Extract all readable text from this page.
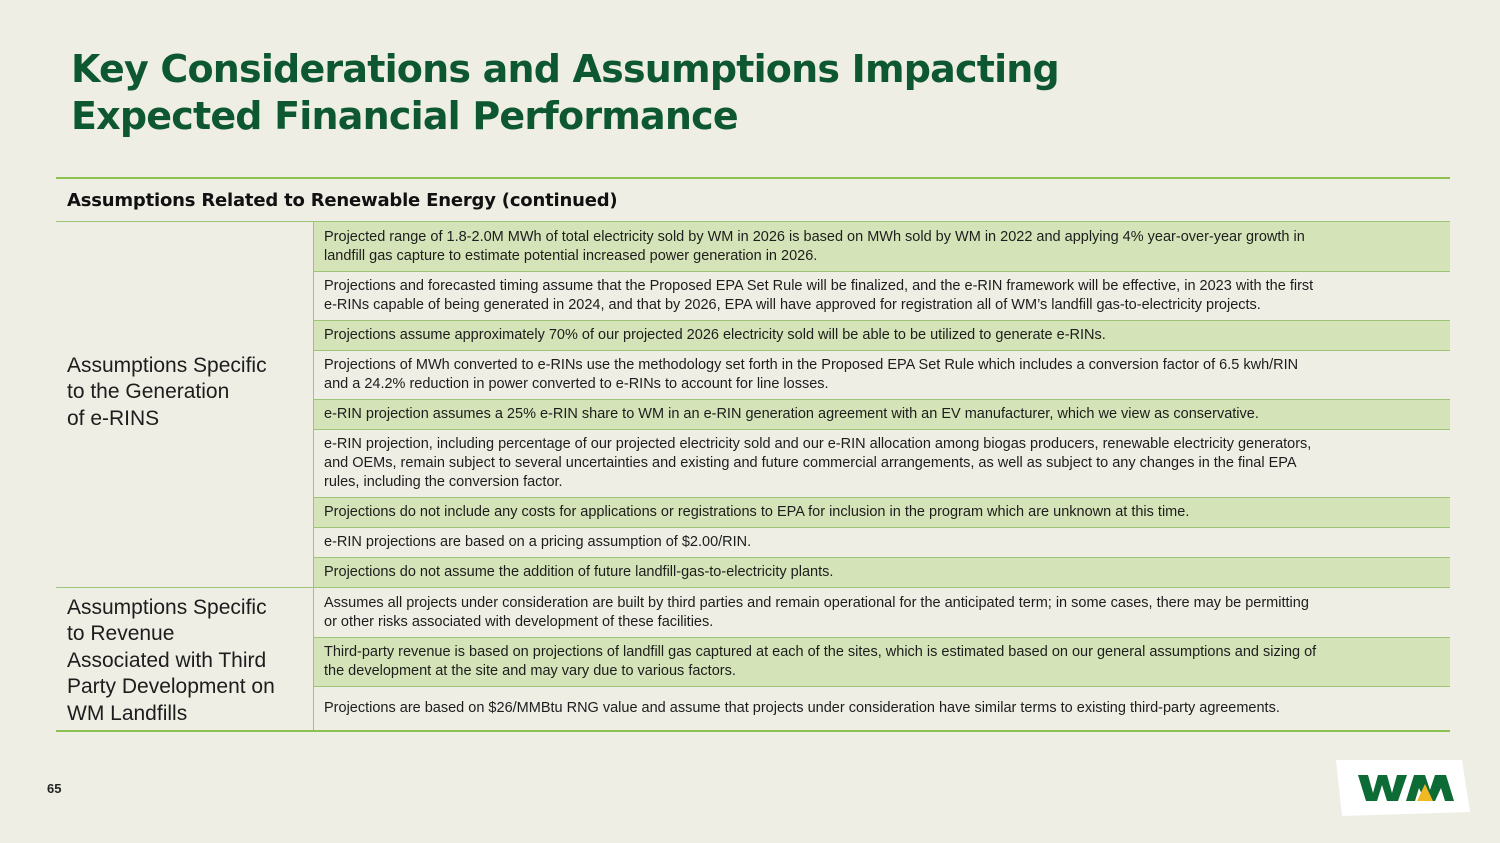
Key Considerations and Assumptions Impacting
Expected Financial Performance
Assumptions Related to Renewable Energy (continued)
Assumptions Specific
to the Generation
of e-RINS
Projected range of 1.8-2.0M MWh of total electricity sold by WM in 2026 is based on MWh sold by WM in 2022 and applying 4% year-over-year growth in
landfill gas capture to estimate potential increased power generation in 2026.
Projections and forecasted timing assume that the Proposed EPA Set Rule will be finalized, and the e-RIN framework will be effective, in 2023 with the first
e-RINs capable of being generated in 2024, and that by 2026, EPA will have approved for registration all of WM’s landfill gas-to-electricity projects.
Projections assume approximately 70% of our projected 2026 electricity sold will be able to be utilized to generate e-RINs.
Projections of MWh converted to e-RINs use the methodology set forth in the Proposed EPA Set Rule which includes a conversion factor of 6.5 kwh/RIN
and a 24.2% reduction in power converted to e-RINs to account for line losses.
e-RIN projection assumes a 25% e-RIN share to WM in an e-RIN generation agreement with an EV manufacturer, which we view as conservative.
e-RIN projection, including percentage of our projected electricity sold and our e-RIN allocation among biogas producers, renewable electricity generators,
and OEMs, remain subject to several uncertainties and existing and future commercial arrangements, as well as subject to any changes in the final EPA
rules, including the conversion factor.
Projections do not include any costs for applications or registrations to EPA for inclusion in the program which are unknown at this time.
e-RIN projections are based on a pricing assumption of $2.00/RIN.
Projections do not assume the addition of future landfill-gas-to-electricity plants.
Assumptions Specific
to Revenue
Associated with Third
Party Development on
WM Landfills
Assumes all projects under consideration are built by third parties and remain operational for the anticipated term; in some cases, there may be permitting
or other risks associated with development of these facilities.
Third-party revenue is based on projections of landfill gas captured at each of the sites, which is estimated based on our general assumptions and sizing of
the development at the site and may vary due to various factors.
Projections are based on $26/MMBtu RNG value and assume that projects under consideration have similar terms to existing third-party agreements.
65
